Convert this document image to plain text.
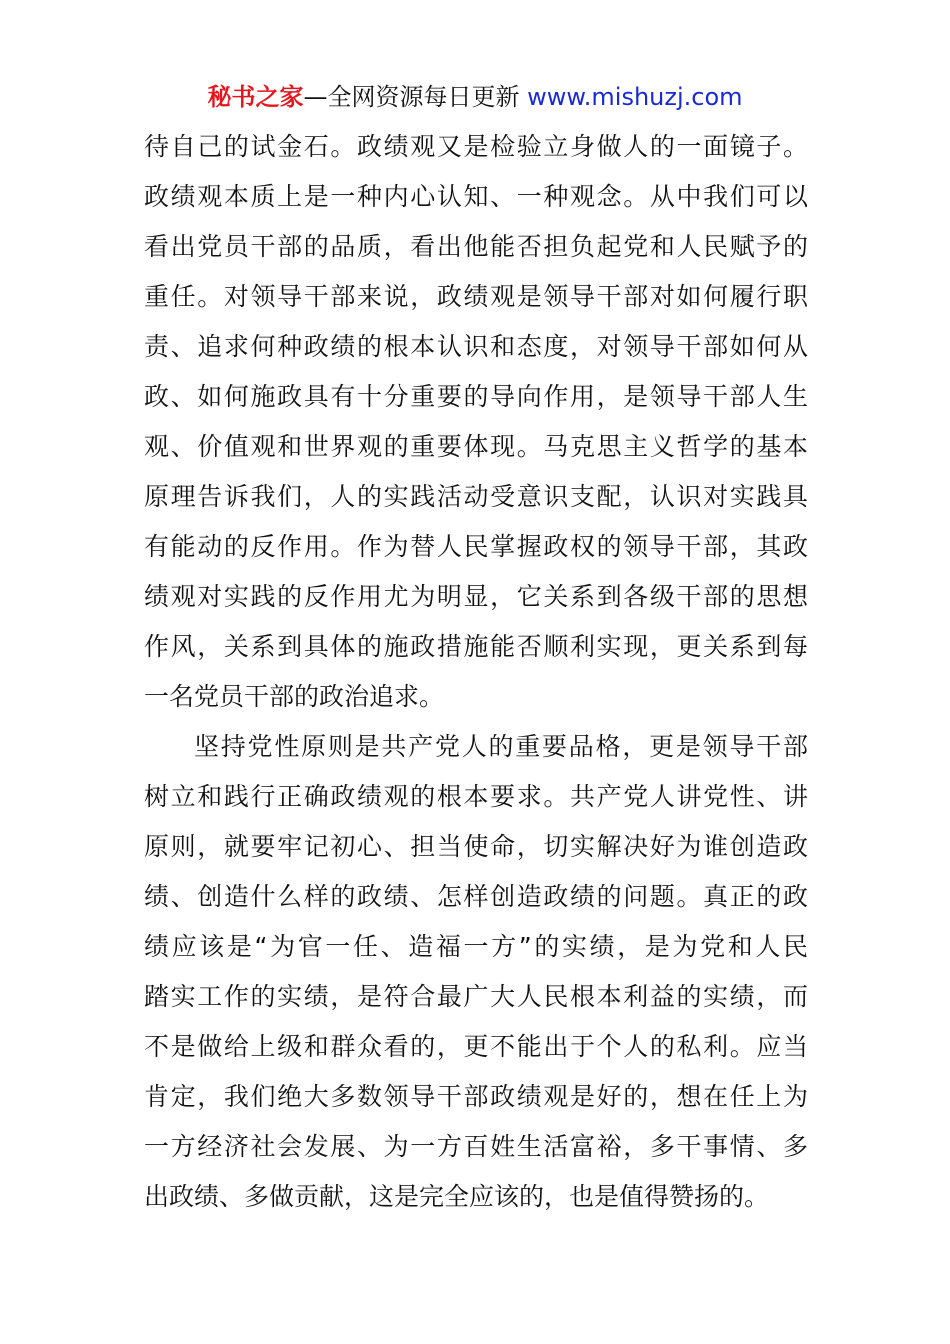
秘书之家—全网资源每日更新 www.mishuzj.com
待自己的试金石。政绩观又是检验立身做人的一面镜子。
政绩观本质上是一种内心认知、一种观念。从中我们可以
看出党员干部的品质，看出他能否担负起党和人民赋予的
重任。对领导干部来说，政绩观是领导干部对如何履行职
责、追求何种政绩的根本认识和态度，对领导干部如何从
政、如何施政具有十分重要的导向作用，是领导干部人生
观、价值观和世界观的重要体现。马克思主义哲学的基本
原理告诉我们，人的实践活动受意识支配，认识对实践具
有能动的反作用。作为替人民掌握政权的领导干部，其政
绩观对实践的反作用尤为明显，它关系到各级干部的思想
作风，关系到具体的施政措施能否顺利实现，更关系到每
一名党员干部的政治追求。
坚持党性原则是共产党人的重要品格，更是领导干部
树立和践行正确政绩观的根本要求。共产党人讲党性、讲
原则，就要牢记初心、担当使命，切实解决好为谁创造政
绩、创造什么样的政绩、怎样创造政绩的问题。真正的政
绩应该是“为官一任、造福一方”的实绩，是为党和人民
踏实工作的实绩，是符合最广大人民根本利益的实绩，而
不是做给上级和群众看的，更不能出于个人的私利。应当
肯定，我们绝大多数领导干部政绩观是好的，想在任上为
一方经济社会发展、为一方百姓生活富裕，多干事情、多
出政绩、多做贡献，这是完全应该的，也是值得赞扬的。
